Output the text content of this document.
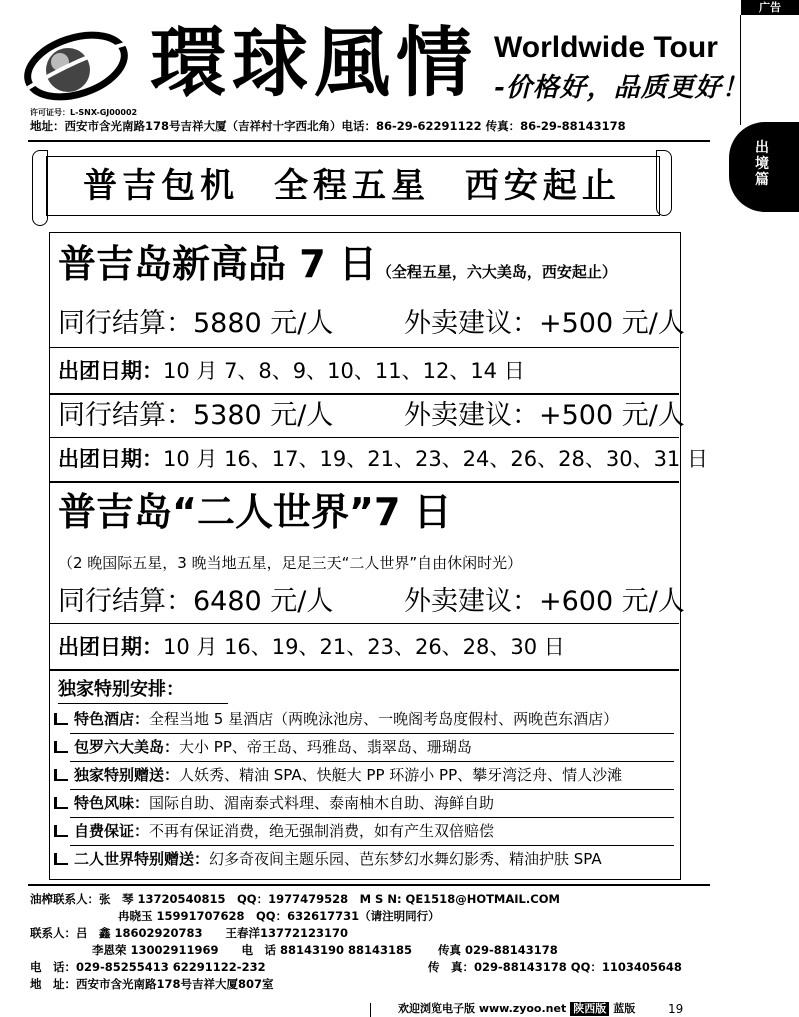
广告
出
境
篇
環球風情 Worldwide Tour
-价格好，品质更好！
许可证号：L-SNX-GJ00002
地址：西安市含光南路178号吉祥大厦（吉祥村十字西北角）电话：86-29-62291122 传真：86-29-88143178
普吉包机 全程五星 西安起止
普吉岛新高品 7 日（全程五星，六大美岛，西安起止）
同行结算：5880 元/人	外卖建议：+500 元/人
出团日期：10 月 7、8、9、10、11、12、14 日
同行结算：5380 元/人	外卖建议：+500 元/人
出团日期：10 月 16、17、19、21、23、24、26、28、30、31 日
普吉岛“二人世界”7 日
（2 晚国际五星，3 晚当地五星，足足三天“二人世界”自由休闲时光）
同行结算：6480 元/人	外卖建议：+600 元/人
出团日期：10 月 16、19、21、23、26、28、30 日
独家特别安排：
特色酒店：全程当地 5 星酒店（两晚泳池房、一晚阁考岛度假村、两晚芭东酒店）
包罗六大美岛：大小 PP、帝王岛、玛雅岛、翡翠岛、珊瑚岛
独家特别赠送：人妖秀、精油 SPA、快艇大 PP 环游小 PP、攀牙湾泛舟、情人沙滩
特色风味：国际自助、湄南泰式料理、泰南柚木自助、海鲜自助
自费保证：不再有保证消费，绝无强制消费，如有产生双倍赔偿
二人世界特别赠送：幻多奇夜间主题乐园、芭东梦幻水舞幻影秀、精油护肤 SPA
油榨联系人：张　琴 13720540815　QQ：1977479528　M S N: QE1518@HOTMAIL.COM
冉晓玉 15991707628　QQ：632617731（请注明同行）
联系人：吕　鑫 18602920783　　王春洋13772123170
李恩荣 13002911969　　电　话 88143190 88143185 传真 029-88143178
电　话：029-85255413 62291122-232	传　真：029-88143178 QQ：1103405648
地　址：西安市含光南路178号吉祥大厦807室
欢迎浏览电子版 www.zyoo.net 陕西版 蓝版	19
